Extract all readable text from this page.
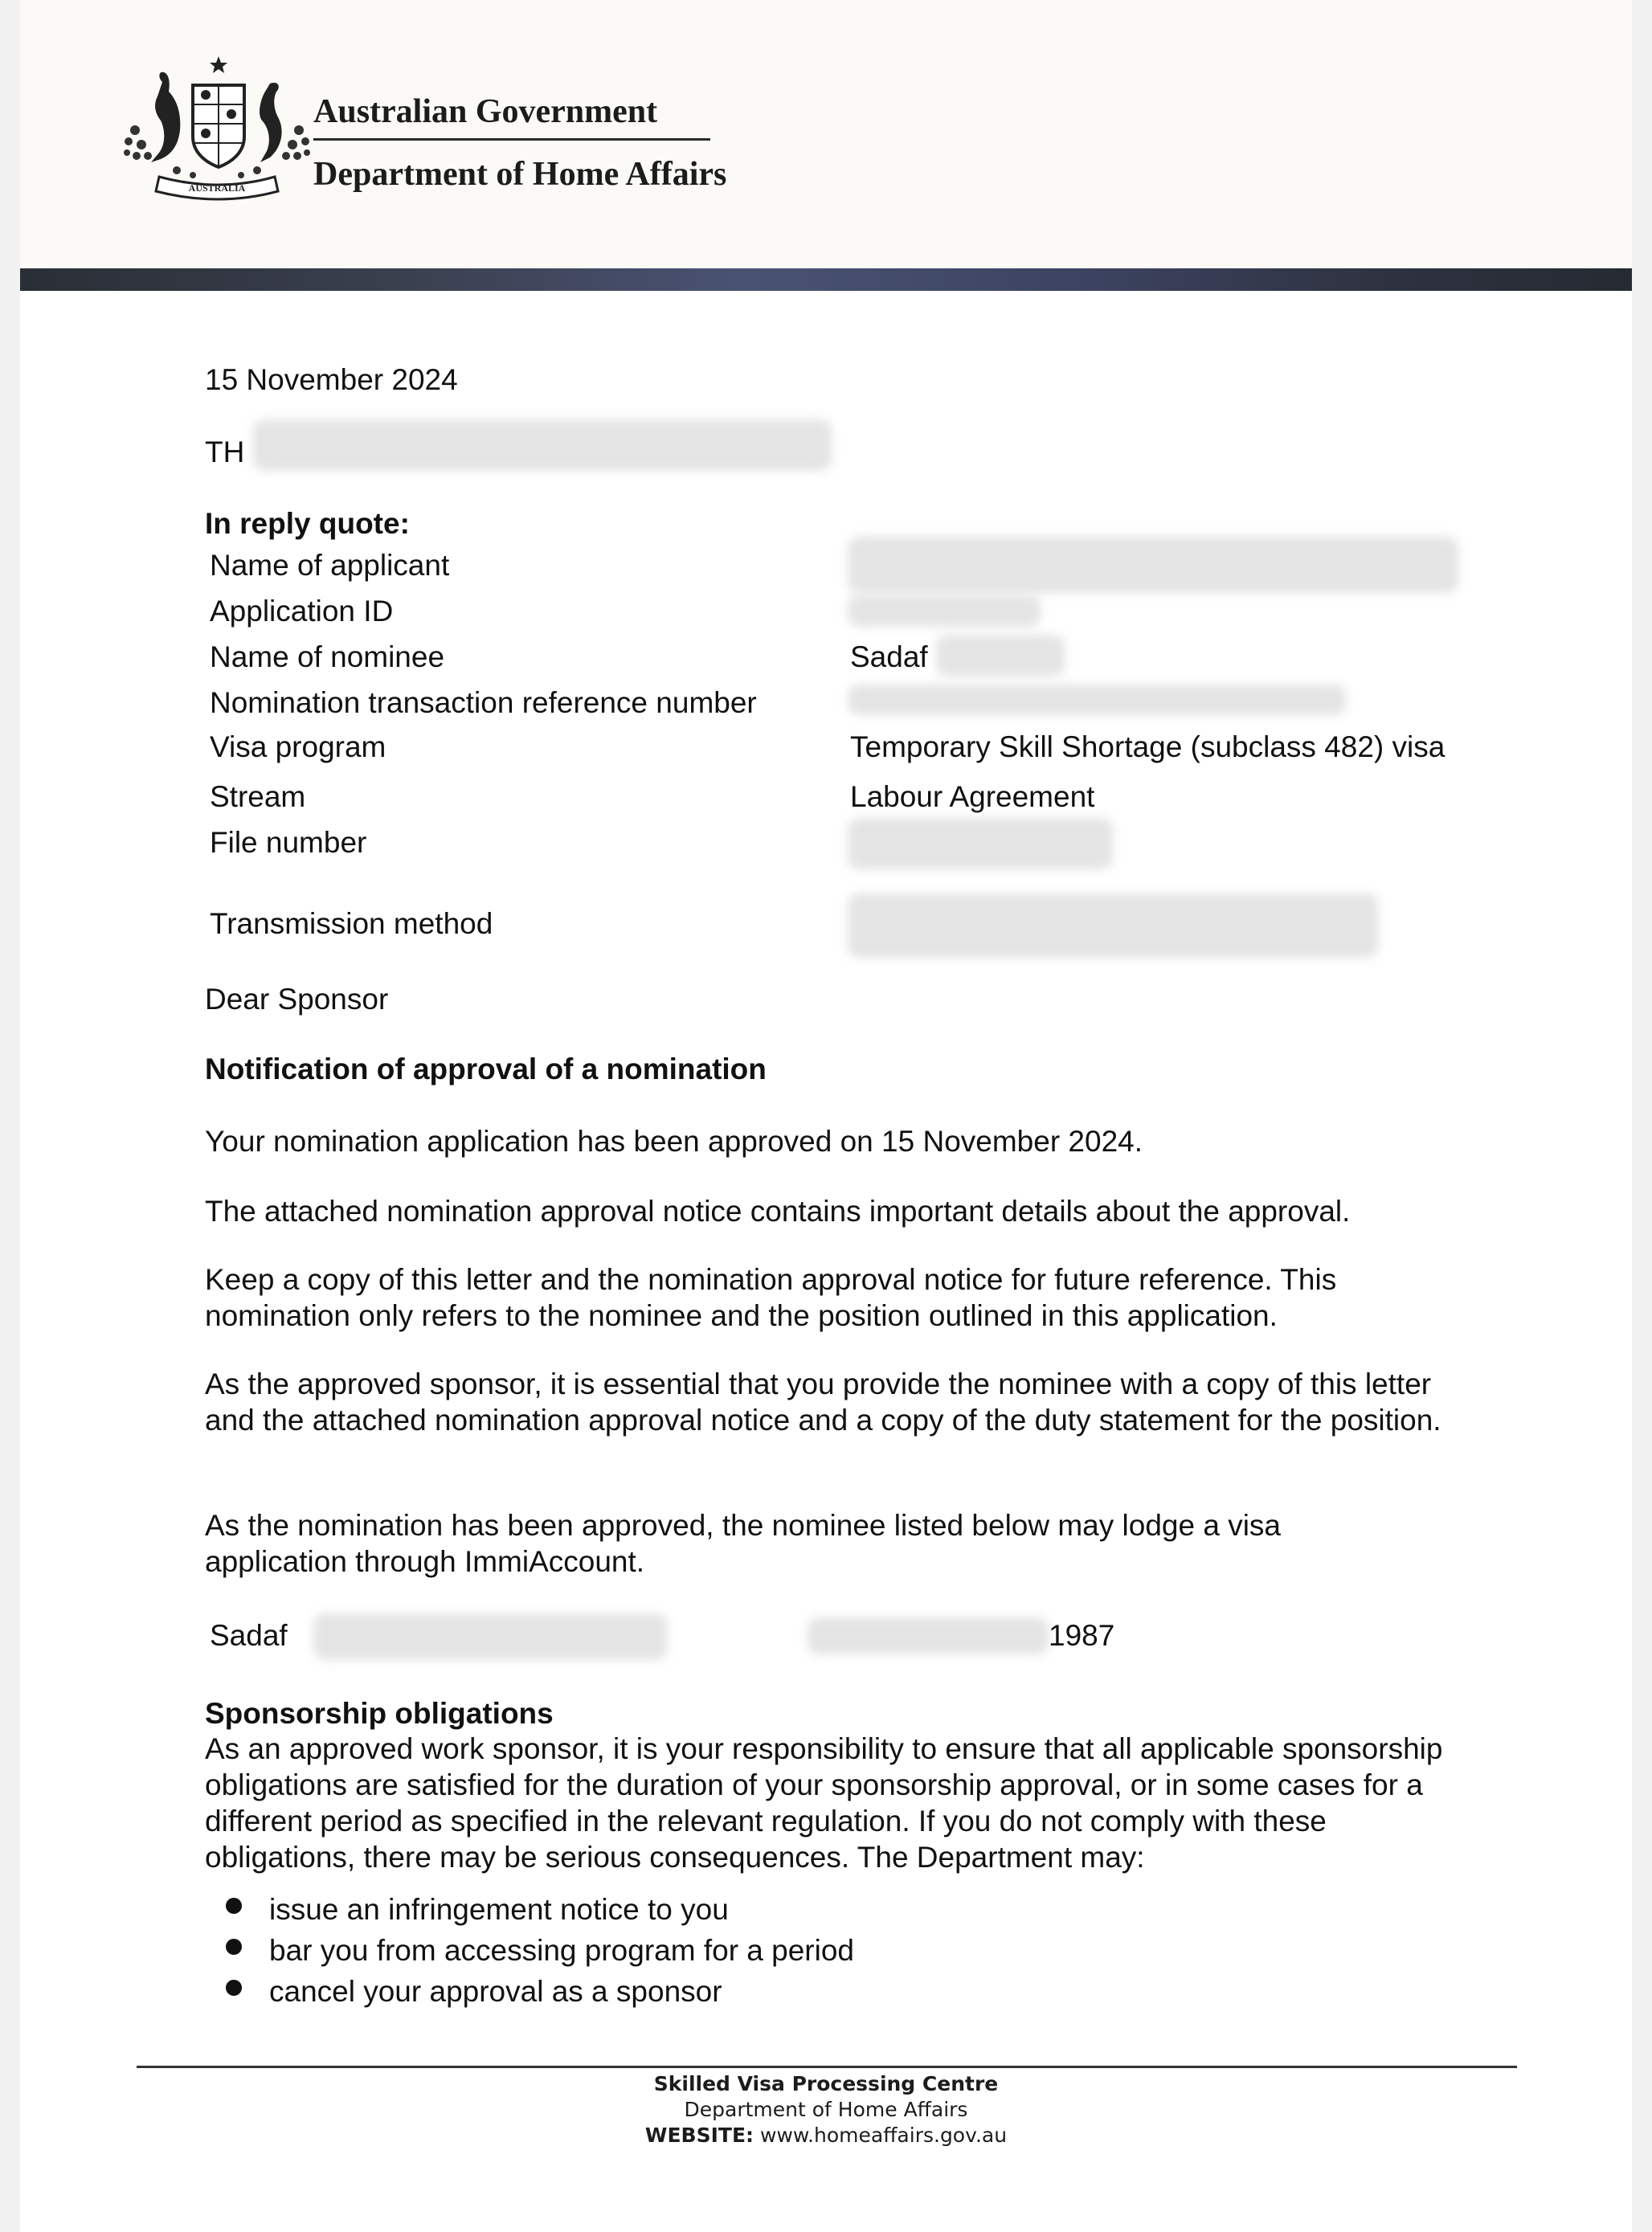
AUSTRALIA
Australian Government
Department of Home Affairs
15 November 2024
TH
In reply quote:
Name of applicant
Application ID
Name of nominee	Sadaf
Nomination transaction reference number
Visa program	Temporary Skill Shortage (subclass 482) visa
Stream	Labour Agreement
File number
Transmission method
Dear Sponsor
Notification of approval of a nomination
Your nomination application has been approved on 15 November 2024.
The attached nomination approval notice contains important details about the approval.
Keep a copy of this letter and the nomination approval notice for future reference. This nomination only refers to the nominee and the position outlined in this application.
As the approved sponsor, it is essential that you provide the nominee with a copy of this letter and the attached nomination approval notice and a copy of the duty statement for the position.
As the nomination has been approved, the nominee listed below may lodge a visa application through ImmiAccount.
Sadaf	1987
Sponsorship obligations
As an approved work sponsor, it is your responsibility to ensure that all applicable sponsorship obligations are satisfied for the duration of your sponsorship approval, or in some cases for a different period as specified in the relevant regulation. If you do not comply with these obligations, there may be serious consequences. The Department may:
issue an infringement notice to you
bar you from accessing program for a period
cancel your approval as a sponsor
Skilled Visa Processing Centre
Department of Home Affairs
WEBSITE: www.homeaffairs.gov.au
